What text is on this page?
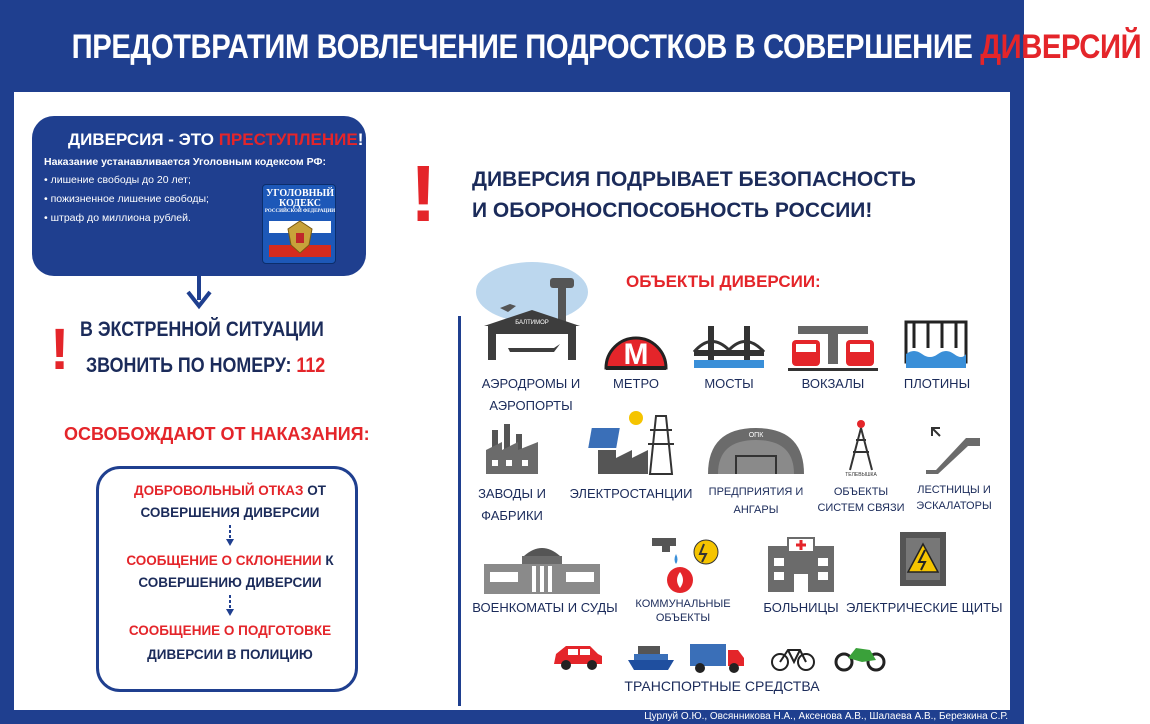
ПРЕДОТВРАТИМ ВОВЛЕЧЕНИЕ ПОДРОСТКОВ В СОВЕРШЕНИЕ ДИВЕРСИЙ!
ДИВЕРСИЯ - ЭТО ПРЕСТУПЛЕНИЕ!
Наказание устанавливается Уголовным кодексом РФ:
• лишение свободы до 20 лет;
• пожизненное лишение свободы;
• штраф до миллиона рублей.
УГОЛОВНЫЙ КОДЕКС
РОССИЙСКОЙ ФЕДЕРАЦИИ
! В ЭКСТРЕННОЙ СИТУАЦИИ
ЗВОНИТЬ ПО НОМЕРУ: 112
ОСВОБОЖДАЮТ ОТ НАКАЗАНИЯ:
ДОБРОВОЛЬНЫЙ ОТКАЗ ОТ
СОВЕРШЕНИЯ ДИВЕРСИИ
СООБЩЕНИЕ О СКЛОНЕНИИ К
СОВЕРШЕНИЮ ДИВЕРСИИ
СООБЩЕНИЕ О ПОДГОТОВКЕ
ДИВЕРСИИ В ПОЛИЦИЮ
! ДИВЕРСИЯ ПОДРЫВАЕТ БЕЗОПАСНОСТЬ
И ОБОРОНОСПОСОБНОСТЬ РОССИИ!
ОБЪЕКТЫ ДИВЕРСИИ:
БАЛТИМОР
АЭРОДРОМЫ И
АЭРОПОРТЫ
M
МЕТРО	МОСТЫ	ВОКЗАЛЫ	ПЛОТИНЫ
ЗАВОДЫ И
ФАБРИКИ
ЭЛЕКТРОСТАНЦИИ
ОПК
ПРЕДПРИЯТИЯ И
АНГАРЫ
ТЕЛЕВЫШКА
ОБЪЕКТЫ
СИСТЕМ СВЯЗИ
ЛЕСТНИЦЫ И
ЭСКАЛАТОРЫ
ВОЕНКОМАТЫ И СУДЫ	КОММУНАЛЬНЫЕ
ОБЪЕКТЫ
БОЛЬНИЦЫ ЭЛЕКТРИЧЕСКИЕ ЩИТЫ
ТРАНСПОРТНЫЕ СРЕДСТВА
Цурлуй О.Ю., Овсянникова Н.А., Аксенова А.В., Шалаева А.В., Березкина С.Р.
